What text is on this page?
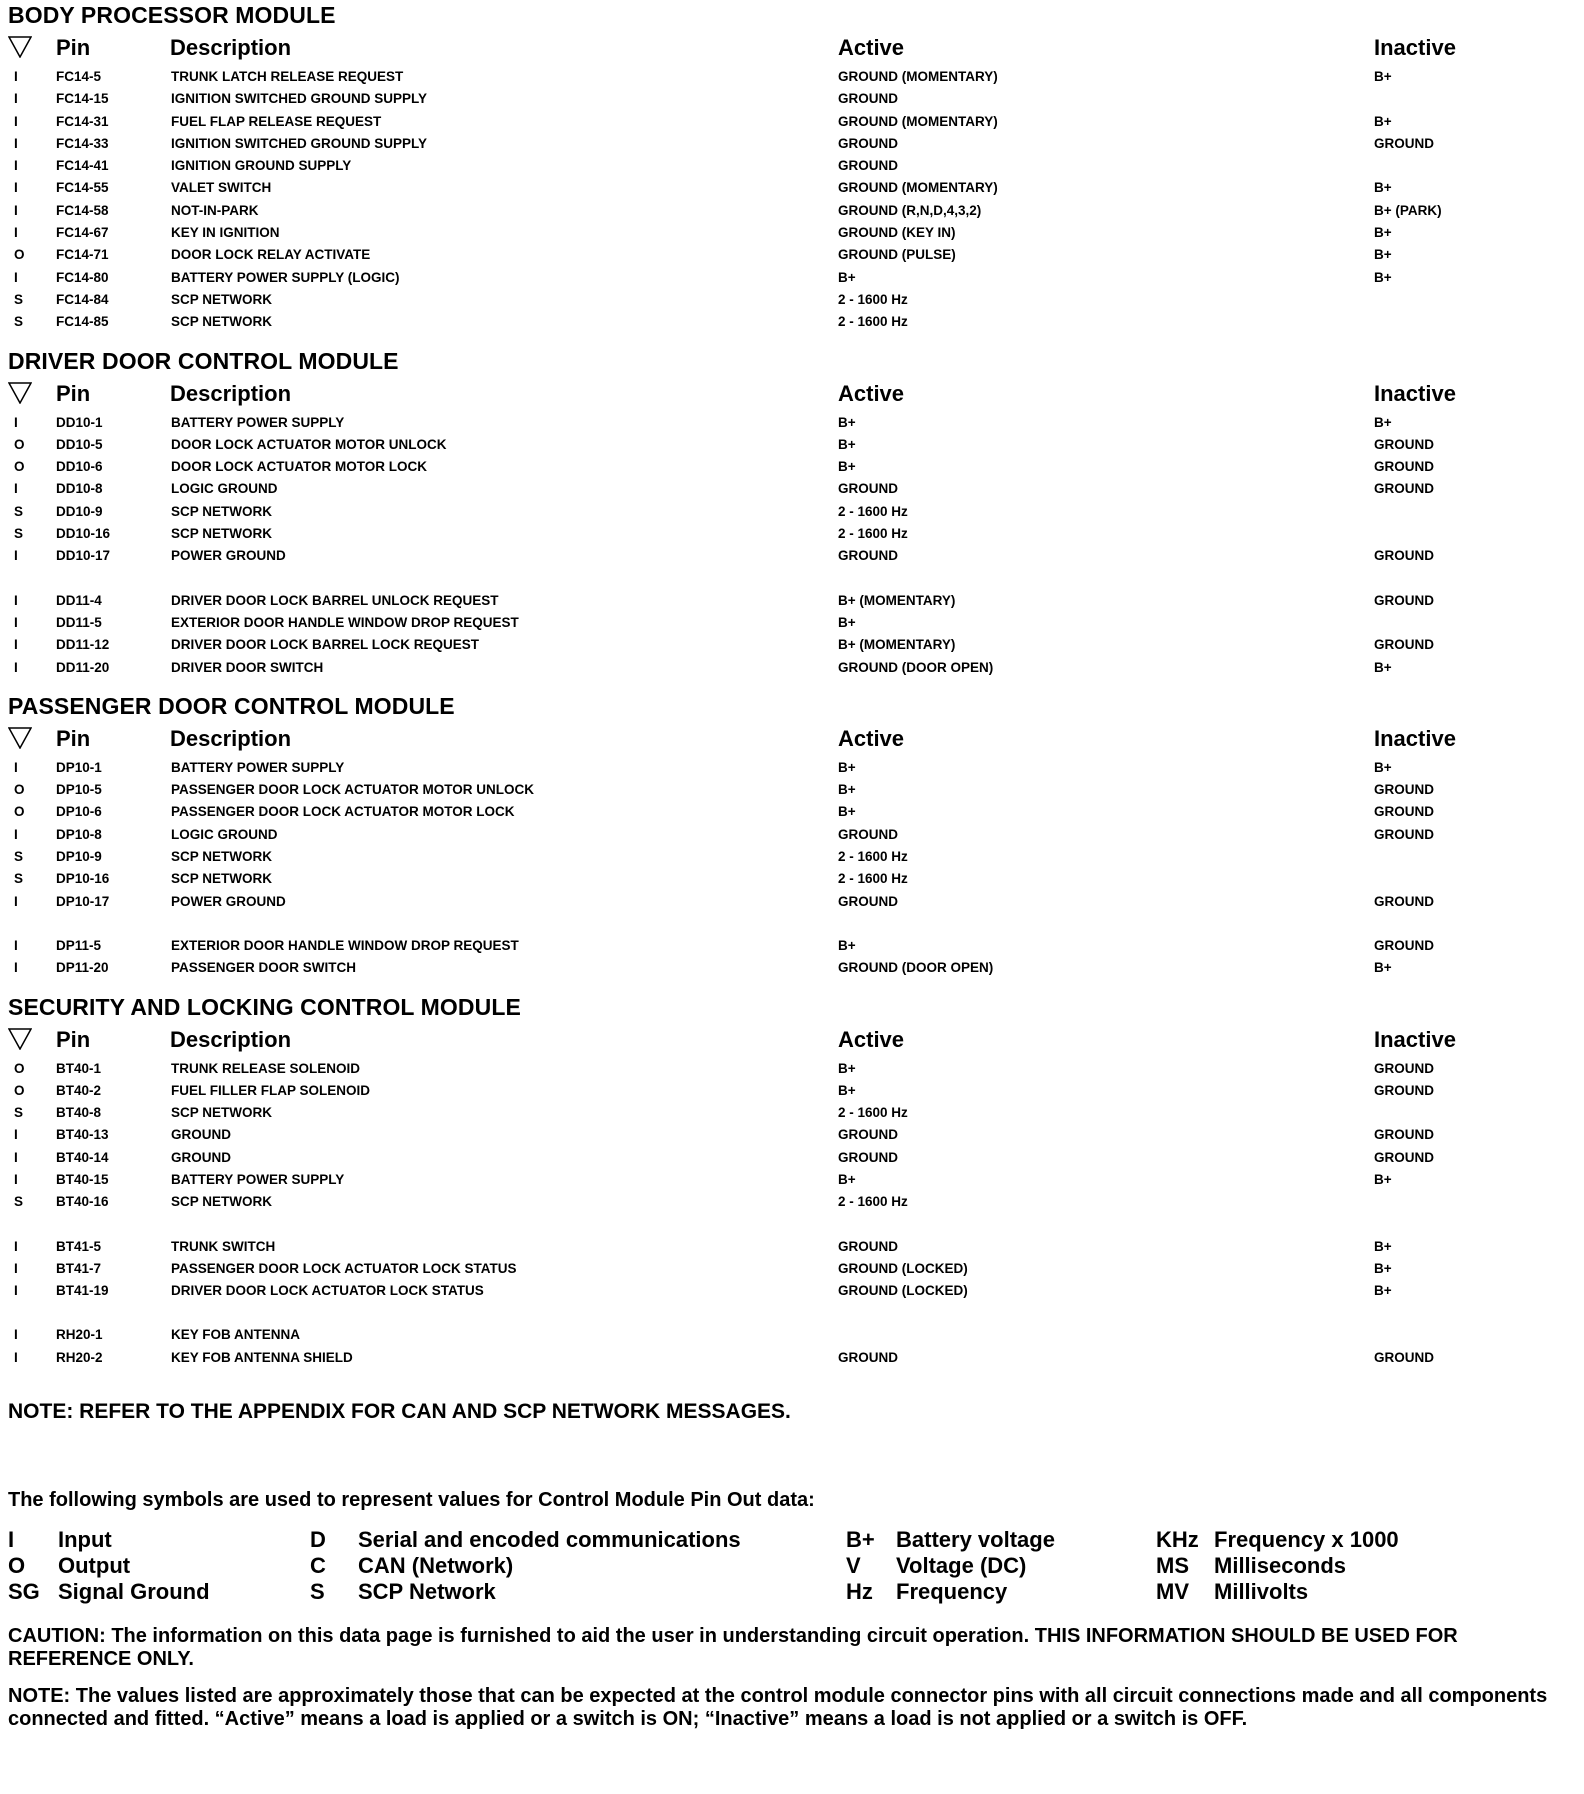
BODY PROCESSOR MODULE
Pin	Description	Active	Inactive
I	FC14-5	TRUNK LATCH RELEASE REQUEST	GROUND (MOMENTARY)	B+
I	FC14-15	IGNITION SWITCHED GROUND SUPPLY	GROUND
I	FC14-31	FUEL FLAP RELEASE REQUEST	GROUND (MOMENTARY)	B+
I	FC14-33	IGNITION SWITCHED GROUND SUPPLY	GROUND	GROUND
I	FC14-41	IGNITION GROUND SUPPLY	GROUND
I	FC14-55	VALET SWITCH	GROUND (MOMENTARY)	B+
I	FC14-58	NOT-IN-PARK	GROUND (R,N,D,4,3,2)	B+ (PARK)
I	FC14-67	KEY IN IGNITION	GROUND (KEY IN)	B+
O	FC14-71	DOOR LOCK RELAY ACTIVATE	GROUND (PULSE)	B+
I	FC14-80	BATTERY POWER SUPPLY (LOGIC)	B+	B+
S	FC14-84	SCP NETWORK	2 - 1600 Hz
S	FC14-85	SCP NETWORK	2 - 1600 Hz
DRIVER DOOR CONTROL MODULE
Pin	Description	Active	Inactive
I	DD10-1	BATTERY POWER SUPPLY	B+	B+
O	DD10-5	DOOR LOCK ACTUATOR MOTOR UNLOCK	B+	GROUND
O	DD10-6	DOOR LOCK ACTUATOR MOTOR LOCK	B+	GROUND
I	DD10-8	LOGIC GROUND	GROUND	GROUND
S	DD10-9	SCP NETWORK	2 - 1600 Hz
S	DD10-16	SCP NETWORK	2 - 1600 Hz
I	DD10-17	POWER GROUND	GROUND	GROUND
I	DD11-4	DRIVER DOOR LOCK BARREL UNLOCK REQUEST	B+ (MOMENTARY)	GROUND
I	DD11-5	EXTERIOR DOOR HANDLE WINDOW DROP REQUEST	B+
I	DD11-12	DRIVER DOOR LOCK BARREL LOCK REQUEST	B+ (MOMENTARY)	GROUND
I	DD11-20	DRIVER DOOR SWITCH	GROUND (DOOR OPEN)	B+
PASSENGER DOOR CONTROL MODULE
Pin	Description	Active	Inactive
I	DP10-1	BATTERY POWER SUPPLY	B+	B+
O	DP10-5	PASSENGER DOOR LOCK ACTUATOR MOTOR UNLOCK	B+	GROUND
O	DP10-6	PASSENGER DOOR LOCK ACTUATOR MOTOR LOCK	B+	GROUND
I	DP10-8	LOGIC GROUND	GROUND	GROUND
S	DP10-9	SCP NETWORK	2 - 1600 Hz
S	DP10-16	SCP NETWORK	2 - 1600 Hz
I	DP10-17	POWER GROUND	GROUND	GROUND
I	DP11-5	EXTERIOR DOOR HANDLE WINDOW DROP REQUEST	B+	GROUND
I	DP11-20	PASSENGER DOOR SWITCH	GROUND (DOOR OPEN)	B+
SECURITY AND LOCKING CONTROL MODULE
Pin	Description	Active	Inactive
O	BT40-1	TRUNK RELEASE SOLENOID	B+	GROUND
O	BT40-2	FUEL FILLER FLAP SOLENOID	B+	GROUND
S	BT40-8	SCP NETWORK	2 - 1600 Hz
I	BT40-13	GROUND	GROUND	GROUND
I	BT40-14	GROUND	GROUND	GROUND
I	BT40-15	BATTERY POWER SUPPLY	B+	B+
S	BT40-16	SCP NETWORK	2 - 1600 Hz
I	BT41-5	TRUNK SWITCH	GROUND	B+
I	BT41-7	PASSENGER DOOR LOCK ACTUATOR LOCK STATUS	GROUND (LOCKED)	B+
I	BT41-19	DRIVER DOOR LOCK ACTUATOR LOCK STATUS	GROUND (LOCKED)	B+
I	RH20-1	KEY FOB ANTENNA
I	RH20-2	KEY FOB ANTENNA SHIELD	GROUND	GROUND
NOTE: REFER TO THE APPENDIX FOR CAN AND SCP NETWORK MESSAGES.
The following symbols are used to represent values for Control Module Pin Out data:
I Input
O Output
SG Signal Ground
D Serial and encoded communications
C CAN (Network)
S SCP Network
B+ Battery voltage
V Voltage (DC)
Hz Frequency
KHz Frequency x 1000
MS Milliseconds
MV Millivolts
CAUTION: The information on this data page is furnished to aid the user in understanding circuit operation. THIS INFORMATION SHOULD BE USED FOR REFERENCE ONLY.
NOTE: The values listed are approximately those that can be expected at the control module connector pins with all circuit connections made and all components connected and fitted. “Active” means a load is applied or a switch is ON; “Inactive” means a load is not applied or a switch is OFF.
